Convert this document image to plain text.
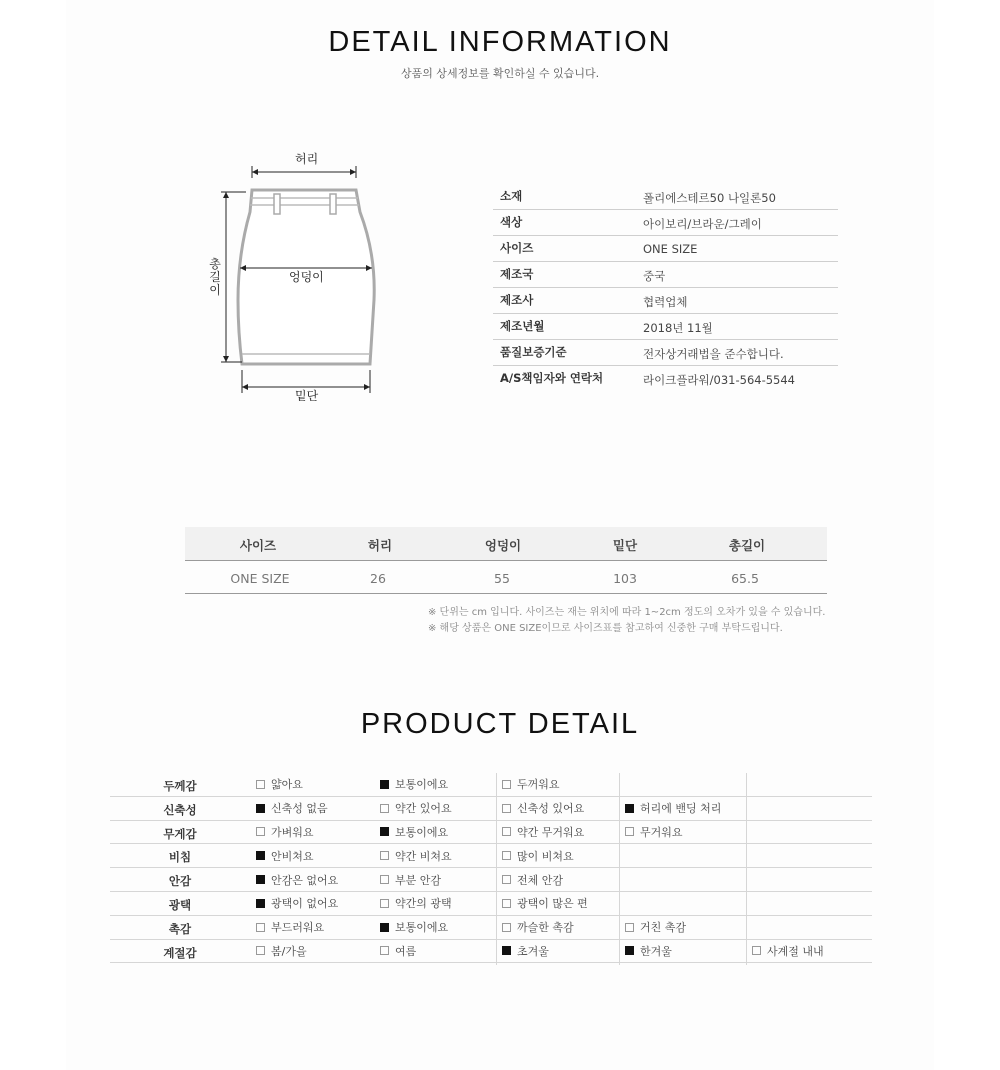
DETAIL INFORMATION
상품의 상세정보를 확인하실 수 있습니다.
허리
엉덩이
총
길
이
밑단
소재	폴리에스테르50 나일론50
색상	아이보리/브라운/그레이
사이즈	ONE SIZE
제조국	중국
제조사	협력업체
제조년월	2018년 11월
품질보증기준	전자상거래법을 준수합니다.
A/S책임자와 연락처	라이크플라워/031-564-5544
사이즈	허리	엉덩이	밑단	총길이
ONE SIZE	26	55	103	65.5
※ 단위는 cm 입니다. 사이즈는 재는 위치에 따라 1~2cm 정도의 오차가 있을 수 있습니다.
※ 해당 상품은 ONE SIZE이므로 사이즈표를 참고하여 신중한 구매 부탁드립니다.
PRODUCT DETAIL
두께감	얇아요	보통이에요	두꺼워요
신축성	신축성 없음	약간 있어요	신축성 있어요	허리에 밴딩 처리
무게감	가벼워요	보통이에요	약간 무거워요	무거워요
비침	안비쳐요	약간 비쳐요	많이 비쳐요
안감	안감은 없어요	부분 안감	전체 안감
광택	광택이 없어요	약간의 광택	광택이 많은 편
촉감	부드러워요	보통이에요	까슬한 촉감	거친 촉감
계절감	봄/가을	여름	초겨울	한겨울	사계절 내내
